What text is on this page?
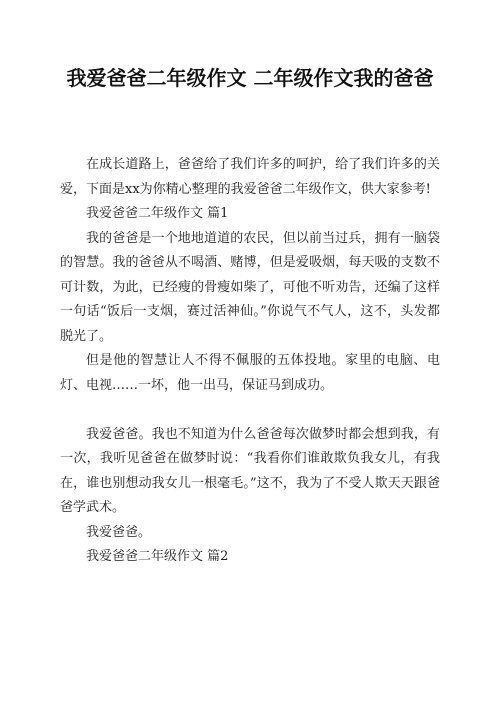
我爱爸爸二年级作文 二年级作文我的爸爸

在成长道路上，爸爸给了我们许多的呵护，给了我们许多的关爱，下面是xx为你精心整理的我爱爸爸二年级作文，供大家参考!

我爱爸爸二年级作文 篇1

我的爸爸是一个地地道道的农民，但以前当过兵，拥有一脑袋的智慧。我的爸爸从不喝酒、赌博，但是爱吸烟，每天吸的支数不可计数，为此，已经瘦的骨瘦如柴了，可他不听劝告，还编了这样一句话“饭后一支烟，赛过活神仙。”你说气不气人，这不，头发都脱光了。

但是他的智慧让人不得不佩服的五体投地。家里的电脑、电灯、电视……一坏，他一出马，保证马到成功。

我爱爸爸。我也不知道为什么爸爸每次做梦时都会想到我，有一次，我听见爸爸在做梦时说：“我看你们谁敢欺负我女儿，有我在，谁也别想动我女儿一根毫毛。”这不，我为了不受人欺天天跟爸爸学武术。

我爱爸爸。

我爱爸爸二年级作文 篇2
